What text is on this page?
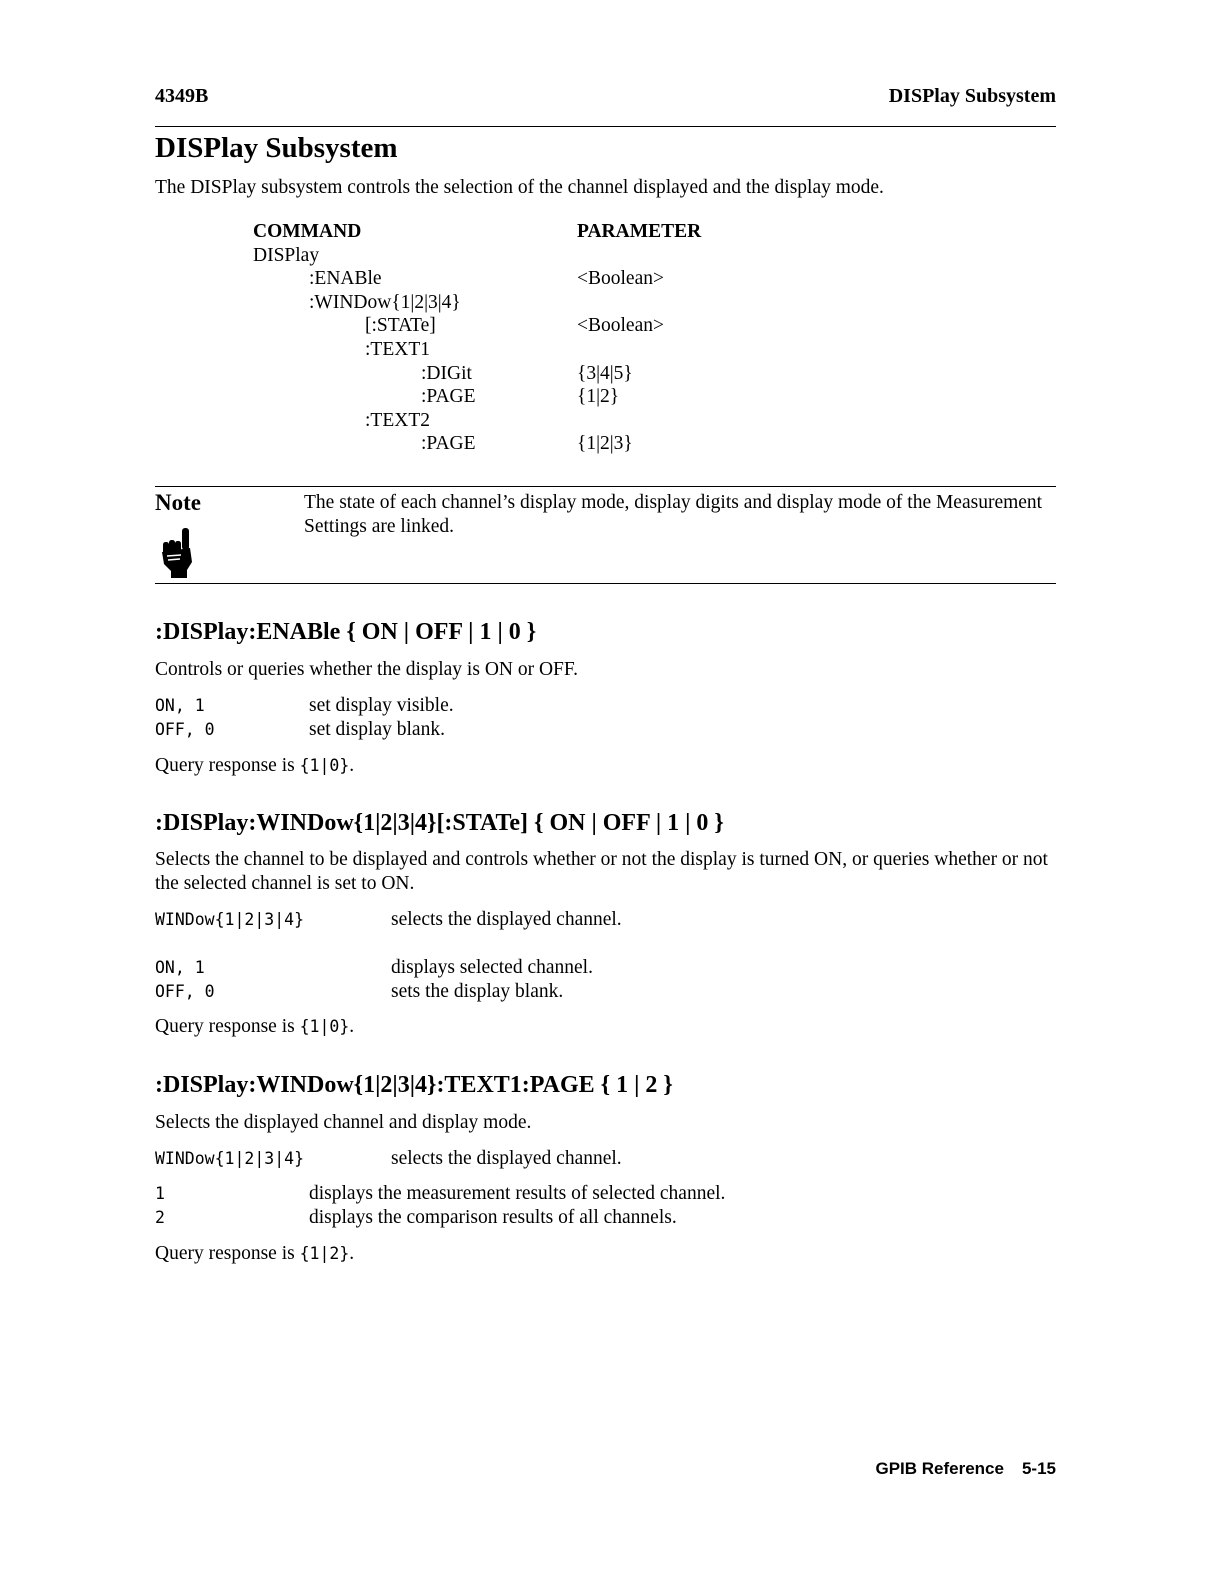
4349B	DISPlay Subsystem
DISPlay Subsystem
The DISPlay subsystem controls the selection of the channel displayed and the display mode.
COMMAND	PARAMETER
DISPlay
:ENABle	<Boolean>
:WINDow{1|2|3|4}
[:STATe]	<Boolean>
:TEXT1
:DIGit	{3|4|5}
:PAGE	{1|2}
:TEXT2
:PAGE	{1|2|3}
Note	The state of each channel’s display mode, display digits and display mode of the Measurement Settings are linked.
:DISPlay:ENABle { ON | OFF | 1 | 0 }
Controls or queries whether the display is ON or OFF.
ON, 1	set display visible.
OFF, 0	set display blank.
Query response is {1|0}.
:DISPlay:WINDow{1|2|3|4}[:STATe] { ON | OFF | 1 | 0 }
Selects the channel to be displayed and controls whether or not the display is turned ON, or queries whether or not the selected channel is set to ON.
WINDow{1|2|3|4}	selects the displayed channel.
ON, 1	displays selected channel.
OFF, 0	sets the display blank.
Query response is {1|0}.
:DISPlay:WINDow{1|2|3|4}:TEXT1:PAGE { 1 | 2 }
Selects the displayed channel and display mode.
WINDow{1|2|3|4}	selects the displayed channel.
1	displays the measurement results of selected channel.
2	displays the comparison results of all channels.
Query response is {1|2}.
GPIB Reference 5-15
